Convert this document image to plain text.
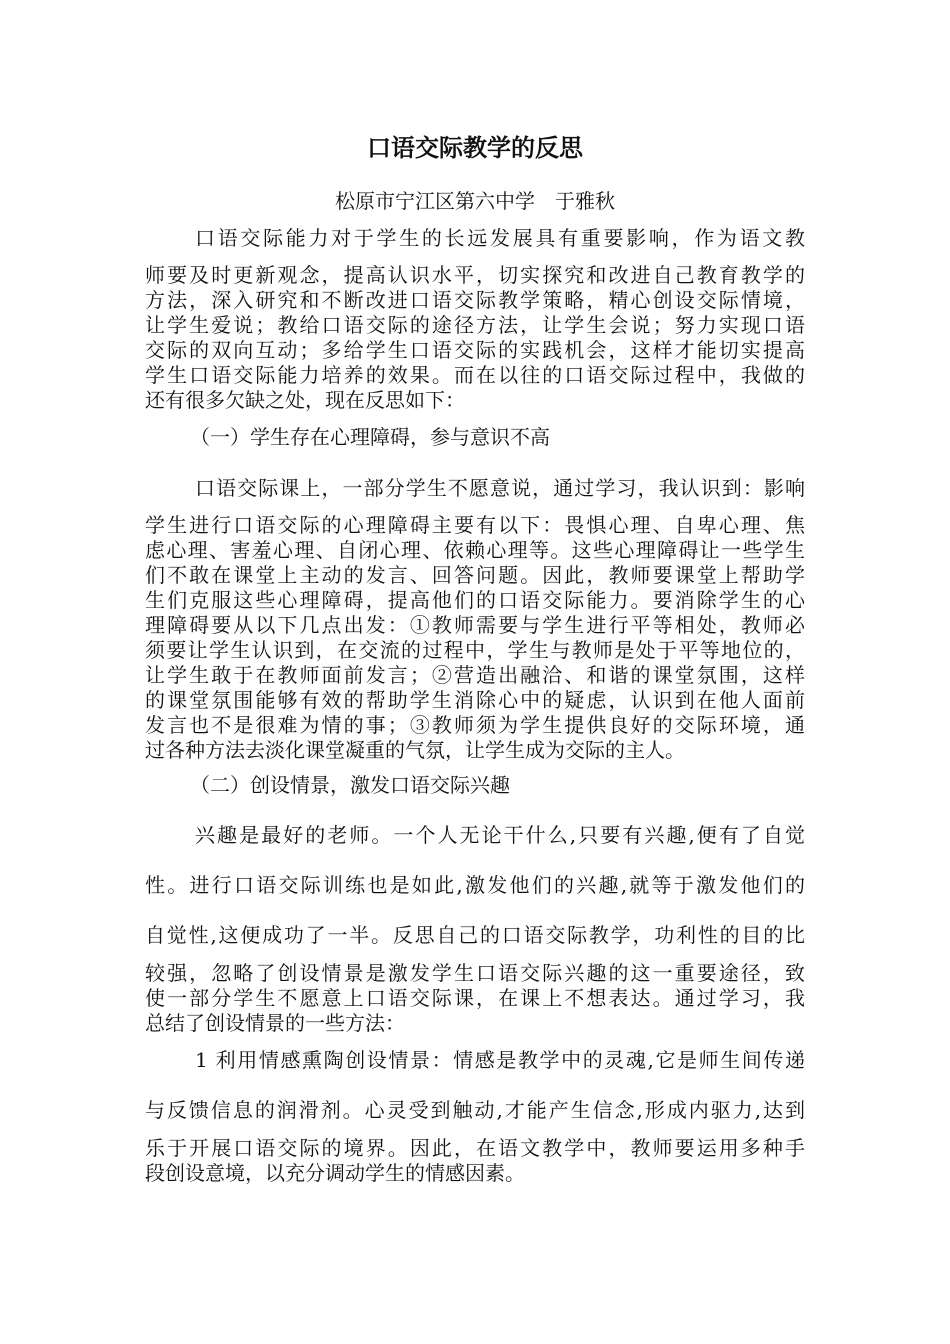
口语交际教学的反思
松原市宁江区第六中学　于雅秋
口语交际能力对于学生的长远发展具有重要影响，作为语文教
师要及时更新观念，提高认识水平，切实探究和改进自己教育教学的
方法，深入研究和不断改进口语交际教学策略，精心创设交际情境，
让学生爱说；教给口语交际的途径方法，让学生会说；努力实现口语
交际的双向互动；多给学生口语交际的实践机会，这样才能切实提高
学生口语交际能力培养的效果。而在以往的口语交际过程中，我做的
还有很多欠缺之处，现在反思如下：
（一）学生存在心理障碍，参与意识不高
口语交际课上，一部分学生不愿意说，通过学习，我认识到：影响
学生进行口语交际的心理障碍主要有以下：畏惧心理、自卑心理、焦
虑心理、害羞心理、自闭心理、依赖心理等。这些心理障碍让一些学生
们不敢在课堂上主动的发言、回答问题。因此，教师要课堂上帮助学
生们克服这些心理障碍，提高他们的口语交际能力。要消除学生的心
理障碍要从以下几点出发：①教师需要与学生进行平等相处，教师必
须要让学生认识到，在交流的过程中，学生与教师是处于平等地位的，
让学生敢于在教师面前发言；②营造出融洽、和谐的课堂氛围，这样
的课堂氛围能够有效的帮助学生消除心中的疑虑，认识到在他人面前
发言也不是很难为情的事；③教师须为学生提供良好的交际环境，通
过各种方法去淡化课堂凝重的气氛，让学生成为交际的主人。
（二）创设情景，激发口语交际兴趣
兴趣是最好的老师。一个人无论干什么,只要有兴趣,便有了自觉
性。进行口语交际训练也是如此,激发他们的兴趣,就等于激发他们的
自觉性,这便成功了一半。反思自己的口语交际教学，功利性的目的比
较强，忽略了创设情景是激发学生口语交际兴趣的这一重要途径，致
使一部分学生不愿意上口语交际课，在课上不想表达。通过学习，我
总结了创设情景的一些方法：
1 利用情感熏陶创设情景：情感是教学中的灵魂,它是师生间传递
与反馈信息的润滑剂。心灵受到触动,才能产生信念,形成内驱力,达到
乐于开展口语交际的境界。因此，在语文教学中，教师要运用多种手
段创设意境，以充分调动学生的情感因素。
